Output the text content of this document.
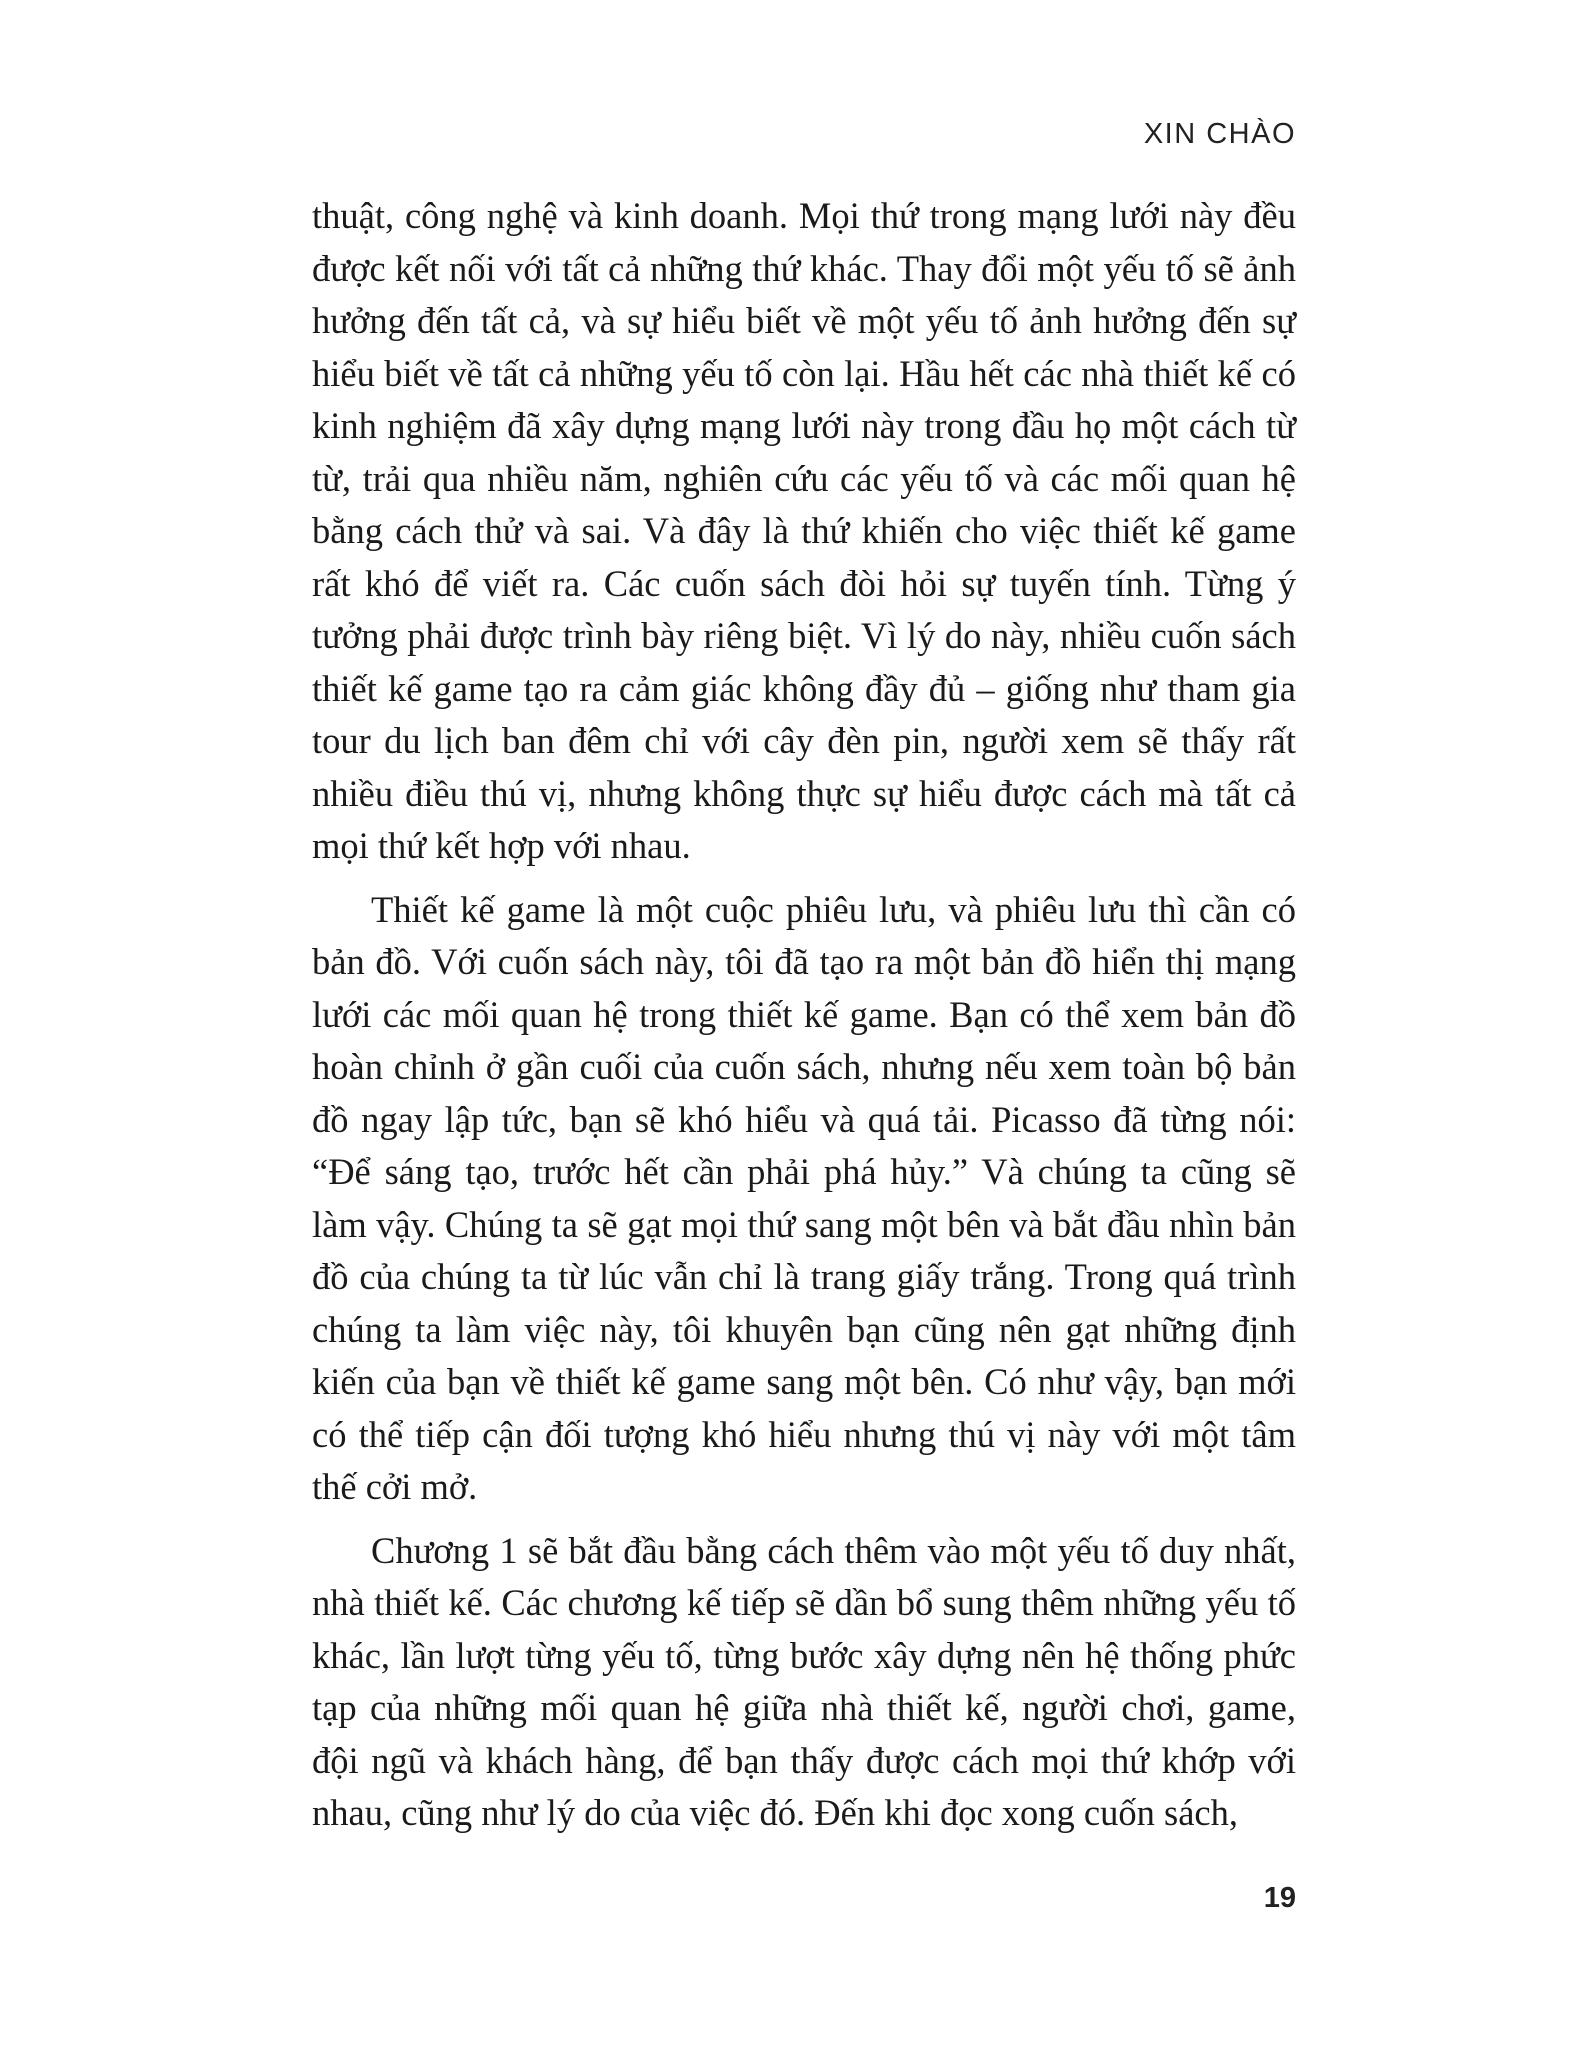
XIN CHÀO

thuật, công nghệ và kinh doanh. Mọi thứ trong mạng lưới này đều được kết nối với tất cả những thứ khác. Thay đổi một yếu tố sẽ ảnh hưởng đến tất cả, và sự hiểu biết về một yếu tố ảnh hưởng đến sự hiểu biết về tất cả những yếu tố còn lại. Hầu hết các nhà thiết kế có kinh nghiệm đã xây dựng mạng lưới này trong đầu họ một cách từ từ, trải qua nhiều năm, nghiên cứu các yếu tố và các mối quan hệ bằng cách thử và sai. Và đây là thứ khiến cho việc thiết kế game rất khó để viết ra. Các cuốn sách đòi hỏi sự tuyến tính. Từng ý tưởng phải được trình bày riêng biệt. Vì lý do này, nhiều cuốn sách thiết kế game tạo ra cảm giác không đầy đủ – giống như tham gia tour du lịch ban đêm chỉ với cây đèn pin, người xem sẽ thấy rất nhiều điều thú vị, nhưng không thực sự hiểu được cách mà tất cả mọi thứ kết hợp với nhau.

Thiết kế game là một cuộc phiêu lưu, và phiêu lưu thì cần có bản đồ. Với cuốn sách này, tôi đã tạo ra một bản đồ hiển thị mạng lưới các mối quan hệ trong thiết kế game. Bạn có thể xem bản đồ hoàn chỉnh ở gần cuối của cuốn sách, nhưng nếu xem toàn bộ bản đồ ngay lập tức, bạn sẽ khó hiểu và quá tải. Picasso đã từng nói: “Để sáng tạo, trước hết cần phải phá hủy.” Và chúng ta cũng sẽ làm vậy. Chúng ta sẽ gạt mọi thứ sang một bên và bắt đầu nhìn bản đồ của chúng ta từ lúc vẫn chỉ là trang giấy trắng. Trong quá trình chúng ta làm việc này, tôi khuyên bạn cũng nên gạt những định kiến của bạn về thiết kế game sang một bên. Có như vậy, bạn mới có thể tiếp cận đối tượng khó hiểu nhưng thú vị này với một tâm thế cởi mở.

Chương 1 sẽ bắt đầu bằng cách thêm vào một yếu tố duy nhất, nhà thiết kế. Các chương kế tiếp sẽ dần bổ sung thêm những yếu tố khác, lần lượt từng yếu tố, từng bước xây dựng nên hệ thống phức tạp của những mối quan hệ giữa nhà thiết kế, người chơi, game, đội ngũ và khách hàng, để bạn thấy được cách mọi thứ khớp với nhau, cũng như lý do của việc đó. Đến khi đọc xong cuốn sách,

19
